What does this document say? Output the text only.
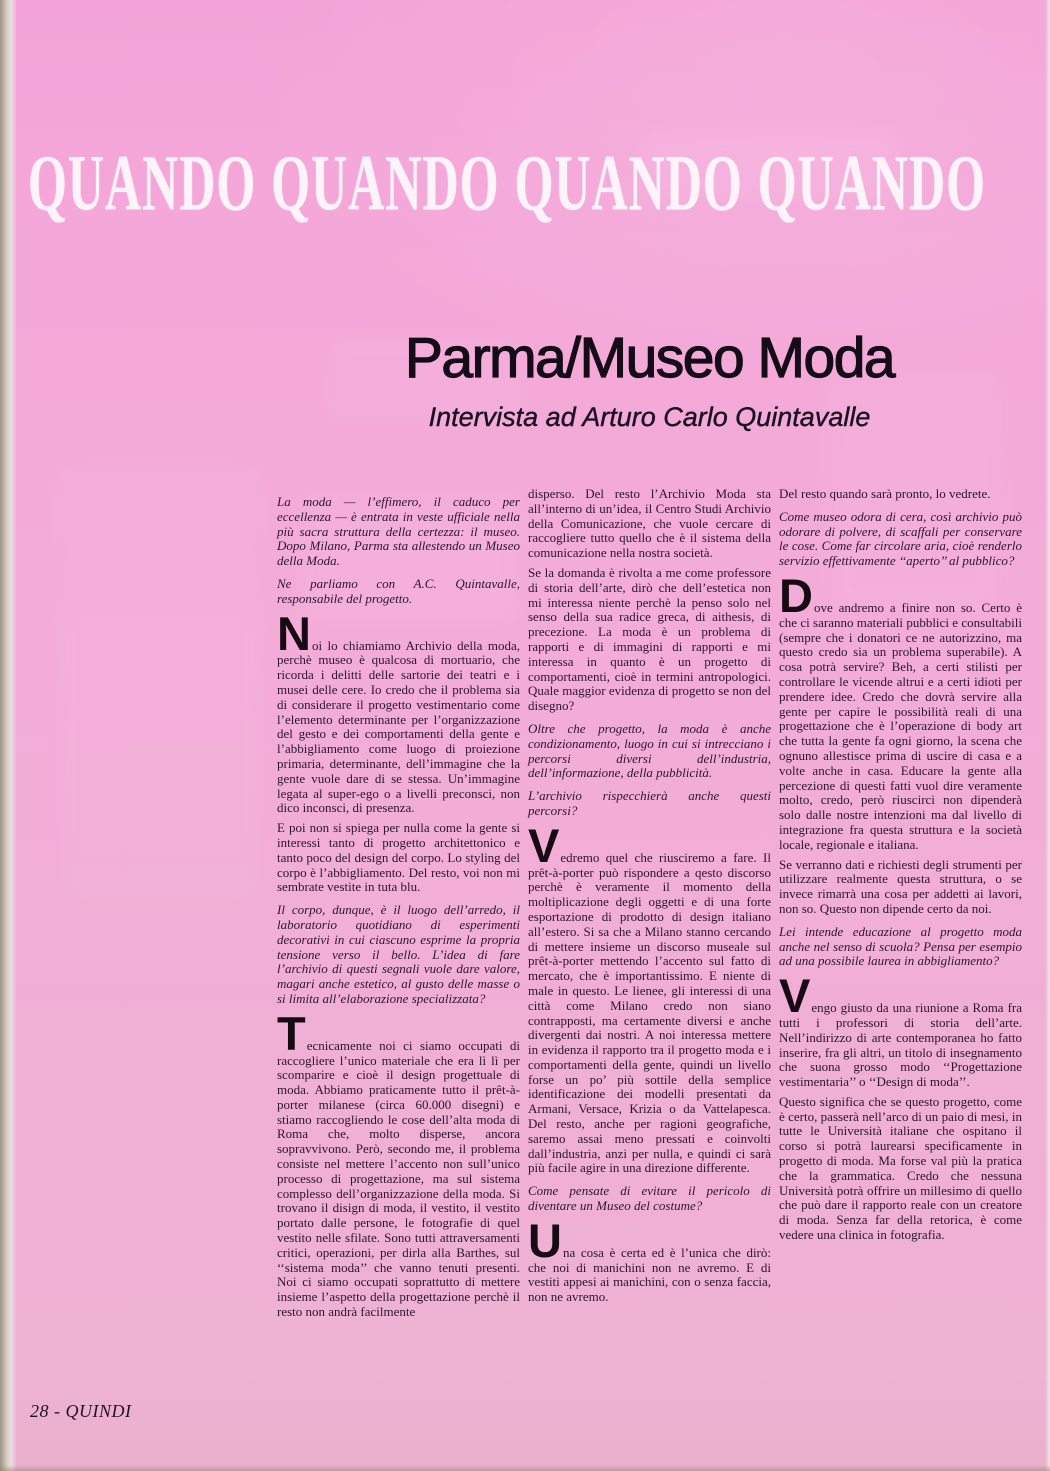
QUANDO QUANDO QUANDO QUANDO
Parma/Museo Moda
Intervista ad Arturo Carlo Quintavalle

La moda — l’effimero, il caduco per eccellenza — è entrata in veste ufficiale nella più sacra struttura della certezza: il museo. Dopo Milano, Parma sta allestendo un Museo della Moda.

Ne parliamo con A.C. Quintavalle, responsabile del progetto.

Noi lo chiamiamo Archivio della moda, perchè museo è qualcosa di mortuario, che ricorda i delitti delle sartorie dei teatri e i musei delle cere. Io credo che il problema sia di considerare il progetto vestimentario come l’elemento determinante per l’organizzazione del gesto e dei comportamenti della gente e l’abbigliamento come luogo di proiezione primaria, determinante, dell’immagine che la gente vuole dare di se stessa. Un’immagine legata al super-ego o a livelli preconsci, non dico inconsci, di presenza.

E poi non si spiega per nulla come la gente si interessi tanto di progetto architettonico e tanto poco del design del corpo. Lo styling del corpo è l’abbigliamento. Del resto, voi non mi sembrate vestite in tuta blu.

Il corpo, dunque, è il luogo dell’arredo, il laboratorio quotidiano di esperimenti decorativi in cui ciascuno esprime la propria tensione verso il bello. L’idea di fare l’archivio di questi segnali vuole dare valore, magari anche estetico, al gusto delle masse o si limita all’elaborazione specializzata?

Tecnicamente noi ci siamo occupati di raccogliere l’unico materiale che era lì lì per scomparire e cioè il design progettuale di moda. Abbiamo praticamente tutto il prêt-à-porter milanese (circa 60.000 disegni) e stiamo raccogliendo le cose dell’alta moda di Roma che, molto disperse, ancora sopravvivono. Però, secondo me, il problema consiste nel mettere l’accento non sull’unico processo di progettazione, ma sul sistema complesso dell’organizzazione della moda. Si trovano il disign di moda, il vestito, il vestito portato dalle persone, le fotografie di quel vestito nelle sfilate. Sono tutti attraversamenti critici, operazioni, per dirla alla Barthes, sul ‘‘sistema moda’’ che vanno tenuti presenti. Noi ci siamo occupati soprattutto di mettere insieme l’aspetto della progettazione perchè il resto non andrà facilmente

disperso. Del resto l’Archivio Moda sta all’interno di un’idea, il Centro Studi Archivio della Comunicazione, che vuole cercare di raccogliere tutto quello che è il sistema della comunicazione nella nostra società.

Se la domanda è rivolta a me come professore di storia dell’arte, dirò che dell’estetica non mi interessa niente perchè la penso solo nel senso della sua radice greca, di aithesis, di precezione. La moda è un problema di rapporti e di immagini di rapporti e mi interessa in quanto è un progetto di comportamenti, cioè in termini antropologici. Quale maggior evidenza di progetto se non del disegno?

Oltre che progetto, la moda è anche condizionamento, luogo in cui si intrecciano i percorsi diversi dell’industria, dell’informazione, della pubblicità.

L’archivio rispecchierà anche questi percorsi?

Vedremo quel che riusciremo a fare. Il prêt-à-porter può rispondere a qesto discorso perchè è veramente il momento della moltiplicazione degli oggetti e di una forte esportazione di prodotto di design italiano all’estero. Si sa che a Milano stanno cercando di mettere insieme un discorso museale sul prêt-à-porter mettendo l’accento sul fatto di mercato, che è importantissimo. E niente di male in questo. Le lienee, gli interessi di una città come Milano credo non siano contrapposti, ma certamente diversi e anche divergenti dai nostri. A noi interessa mettere in evidenza il rapporto tra il progetto moda e i comportamenti della gente, quindi un livello forse un po’ più sottile della semplice identificazione dei modelli presentati da Armani, Versace, Krizia o da Vattelapesca. Del resto, anche per ragioni geografiche, saremo assai meno pressati e coinvolti dall’industria, anzi per nulla, e quindi ci sarà più facile agire in una direzione differente.

Come pensate di evitare il pericolo di diventare un Museo del costume?

Una cosa è certa ed è l’unica che dirò: che noi di manichini non ne avremo. E di vestiti appesi ai manichini, con o senza faccia, non ne avremo.

Del resto quando sarà pronto, lo vedrete.

Come museo odora di cera, così archivio può odorare di polvere, di scaffali per conservare le cose. Come far circolare aria, cioè renderlo servizio effettivamente ‘‘aperto’’ al pubblico?

Dove andremo a finire non so. Certo è che ci saranno materiali pubblici e consultabili (sempre che i donatori ce ne autorizzino, ma questo credo sia un problema superabile). A cosa potrà servire? Beh, a certi stilisti per controllare le vicende altrui e a certi idioti per prendere idee. Credo che dovrà servire alla gente per capire le possibilità reali di una progettazione che è l’operazione di body art che tutta la gente fa ogni giorno, la scena che ognuno allestisce prima di uscire di casa e a volte anche in casa. Educare la gente alla percezione di questi fatti vuol dire veramente molto, credo, però riuscirci non dipenderà solo dalle nostre intenzioni ma dal livello di integrazione fra questa struttura e la società locale, regionale e italiana.

Se verranno dati e richiesti degli strumenti per utilizzare realmente questa struttura, o se invece rimarrà una cosa per addetti ai lavori, non so. Questo non dipende certo da noi.

Lei intende educazione al progetto moda anche nel senso di scuola? Pensa per esempio ad una possibile laurea in abbigliamento?

Vengo giusto da una riunione a Roma fra tutti i professori di storia dell’arte. Nell’indirizzo di arte contemporanea ho fatto inserire, fra gli altri, un titolo di insegnamento che suona grosso modo ‘‘Progettazione vestimentaria’’ o ‘‘Design di moda’’.

Questo significa che se questo progetto, come è certo, passerà nell’arco di un paio di mesi, in tutte le Università italiane che ospitano il corso si potrà laurearsi specificamente in progetto di moda. Ma forse val più la pratica che la grammatica. Credo che nessuna Università potrà offrire un millesimo di quello che può dare il rapporto reale con un creatore di moda. Senza far della retorica, è come vedere una clinica in fotografia.

28 - QUINDI
